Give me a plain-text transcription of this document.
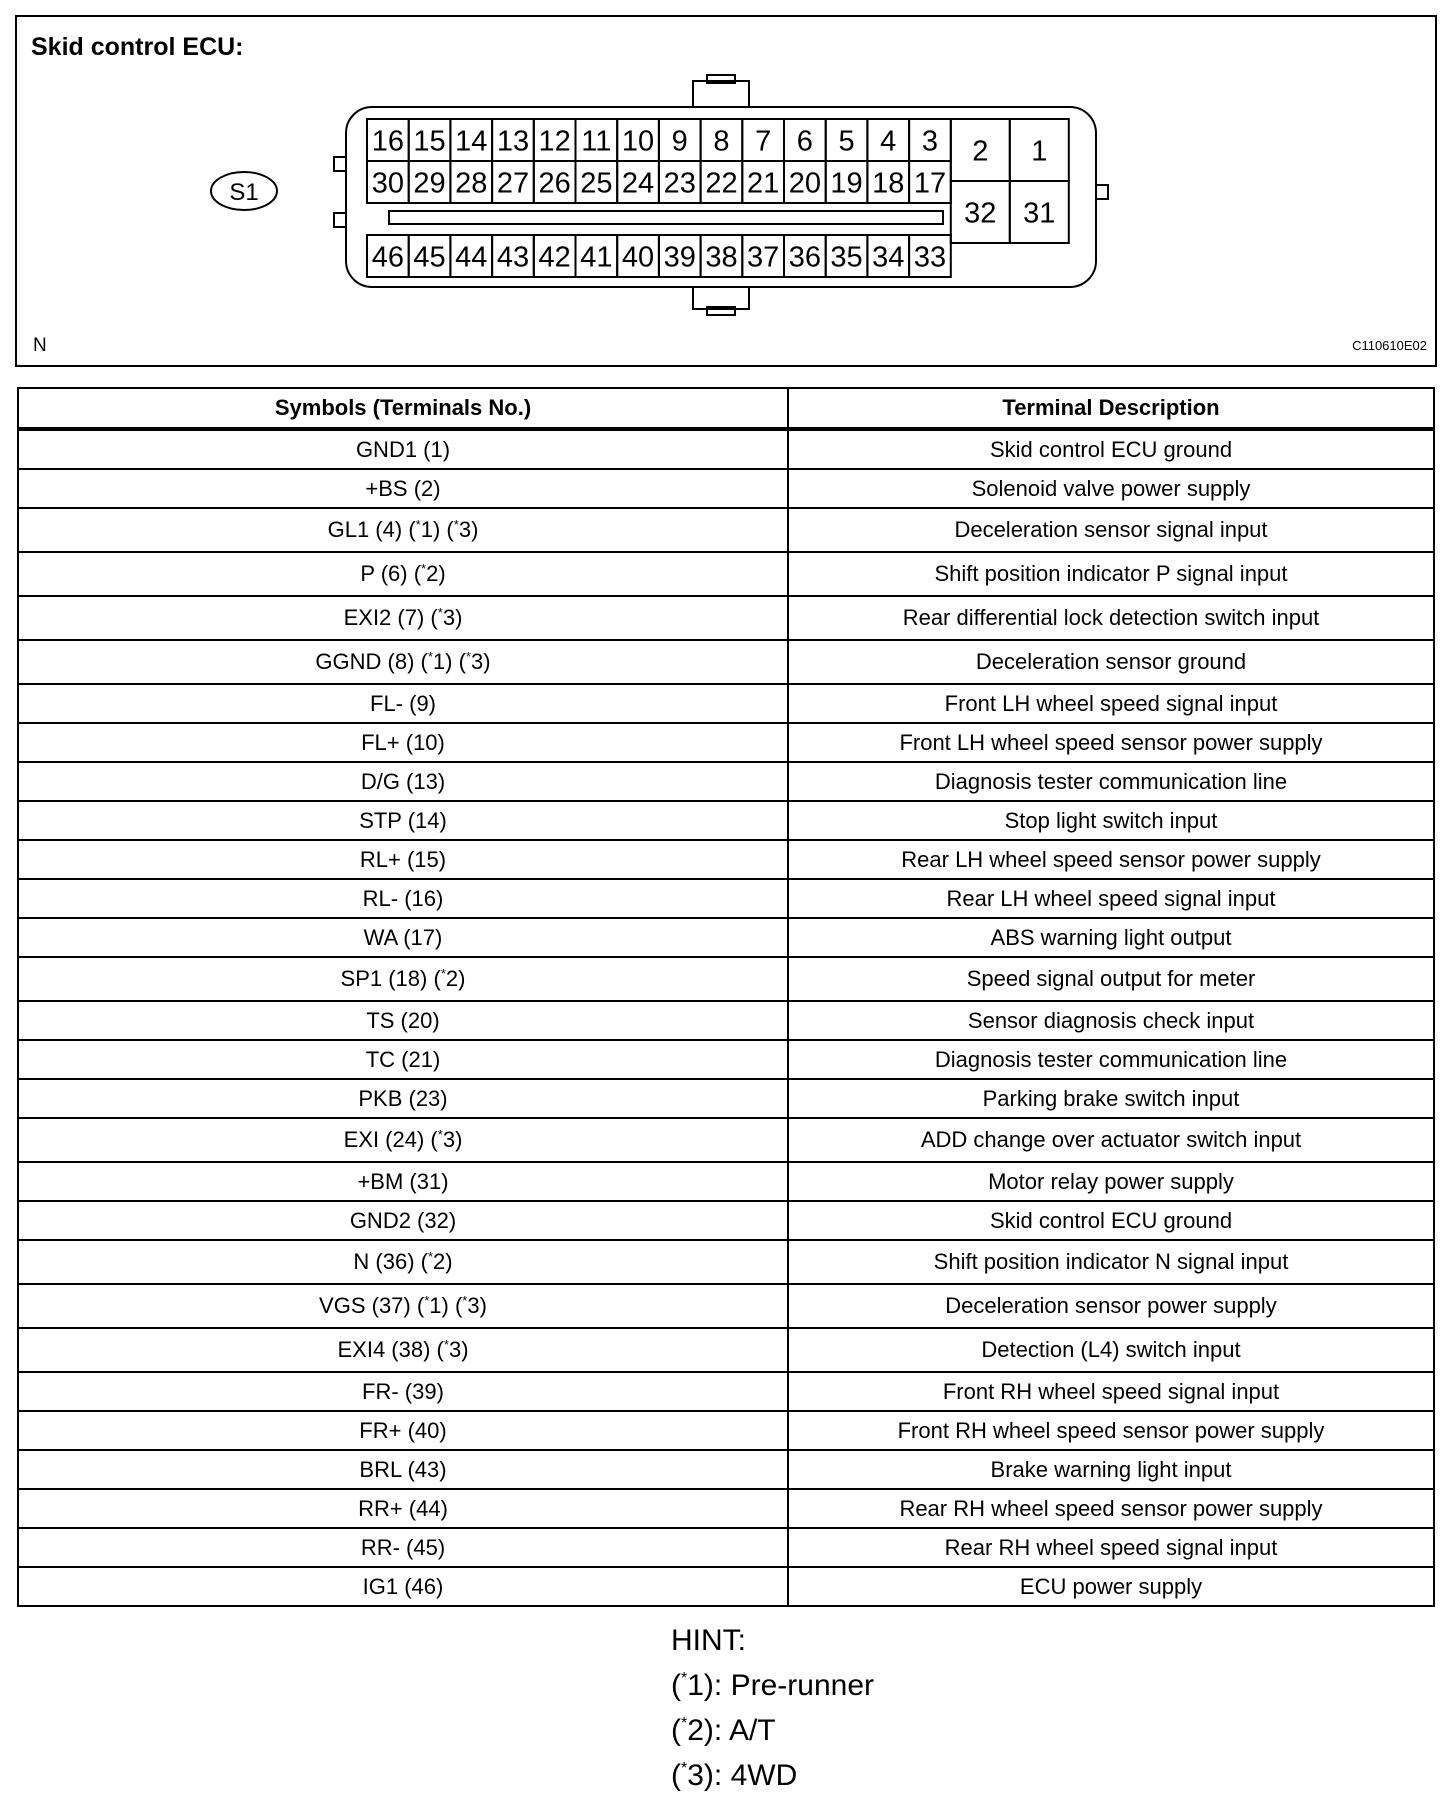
Skid control ECU:
S1
16 15 14 13 12 11 10 9 8 7 6 5 4 3
30 29 28 27 26 25 24 23 22 21 20 19 18 17
46 45 44 43 42 41 40 39 38 37 36 35 34 33
2 1
32 31
N	C110610E02
Symbols (Terminals No.)	Terminal Description
GND1 (1)	Skid control ECU ground
+BS (2)	Solenoid valve power supply
GL1 (4) (*1) (*3)	Deceleration sensor signal input
P (6) (*2)	Shift position indicator P signal input
EXI2 (7) (*3)	Rear differential lock detection switch input
GGND (8) (*1) (*3)	Deceleration sensor ground
FL- (9)	Front LH wheel speed signal input
FL+ (10)	Front LH wheel speed sensor power supply
D/G (13)	Diagnosis tester communication line
STP (14)	Stop light switch input
RL+ (15)	Rear LH wheel speed sensor power supply
RL- (16)	Rear LH wheel speed signal input
WA (17)	ABS warning light output
SP1 (18) (*2)	Speed signal output for meter
TS (20)	Sensor diagnosis check input
TC (21)	Diagnosis tester communication line
PKB (23)	Parking brake switch input
EXI (24) (*3)	ADD change over actuator switch input
+BM (31)	Motor relay power supply
GND2 (32)	Skid control ECU ground
N (36) (*2)	Shift position indicator N signal input
VGS (37) (*1) (*3)	Deceleration sensor power supply
EXI4 (38) (*3)	Detection (L4) switch input
FR- (39)	Front RH wheel speed signal input
FR+ (40)	Front RH wheel speed sensor power supply
BRL (43)	Brake warning light input
RR+ (44)	Rear RH wheel speed sensor power supply
RR- (45)	Rear RH wheel speed signal input
IG1 (46)	ECU power supply
HINT:
(*1): Pre-runner
(*2): A/T
(*3): 4WD
